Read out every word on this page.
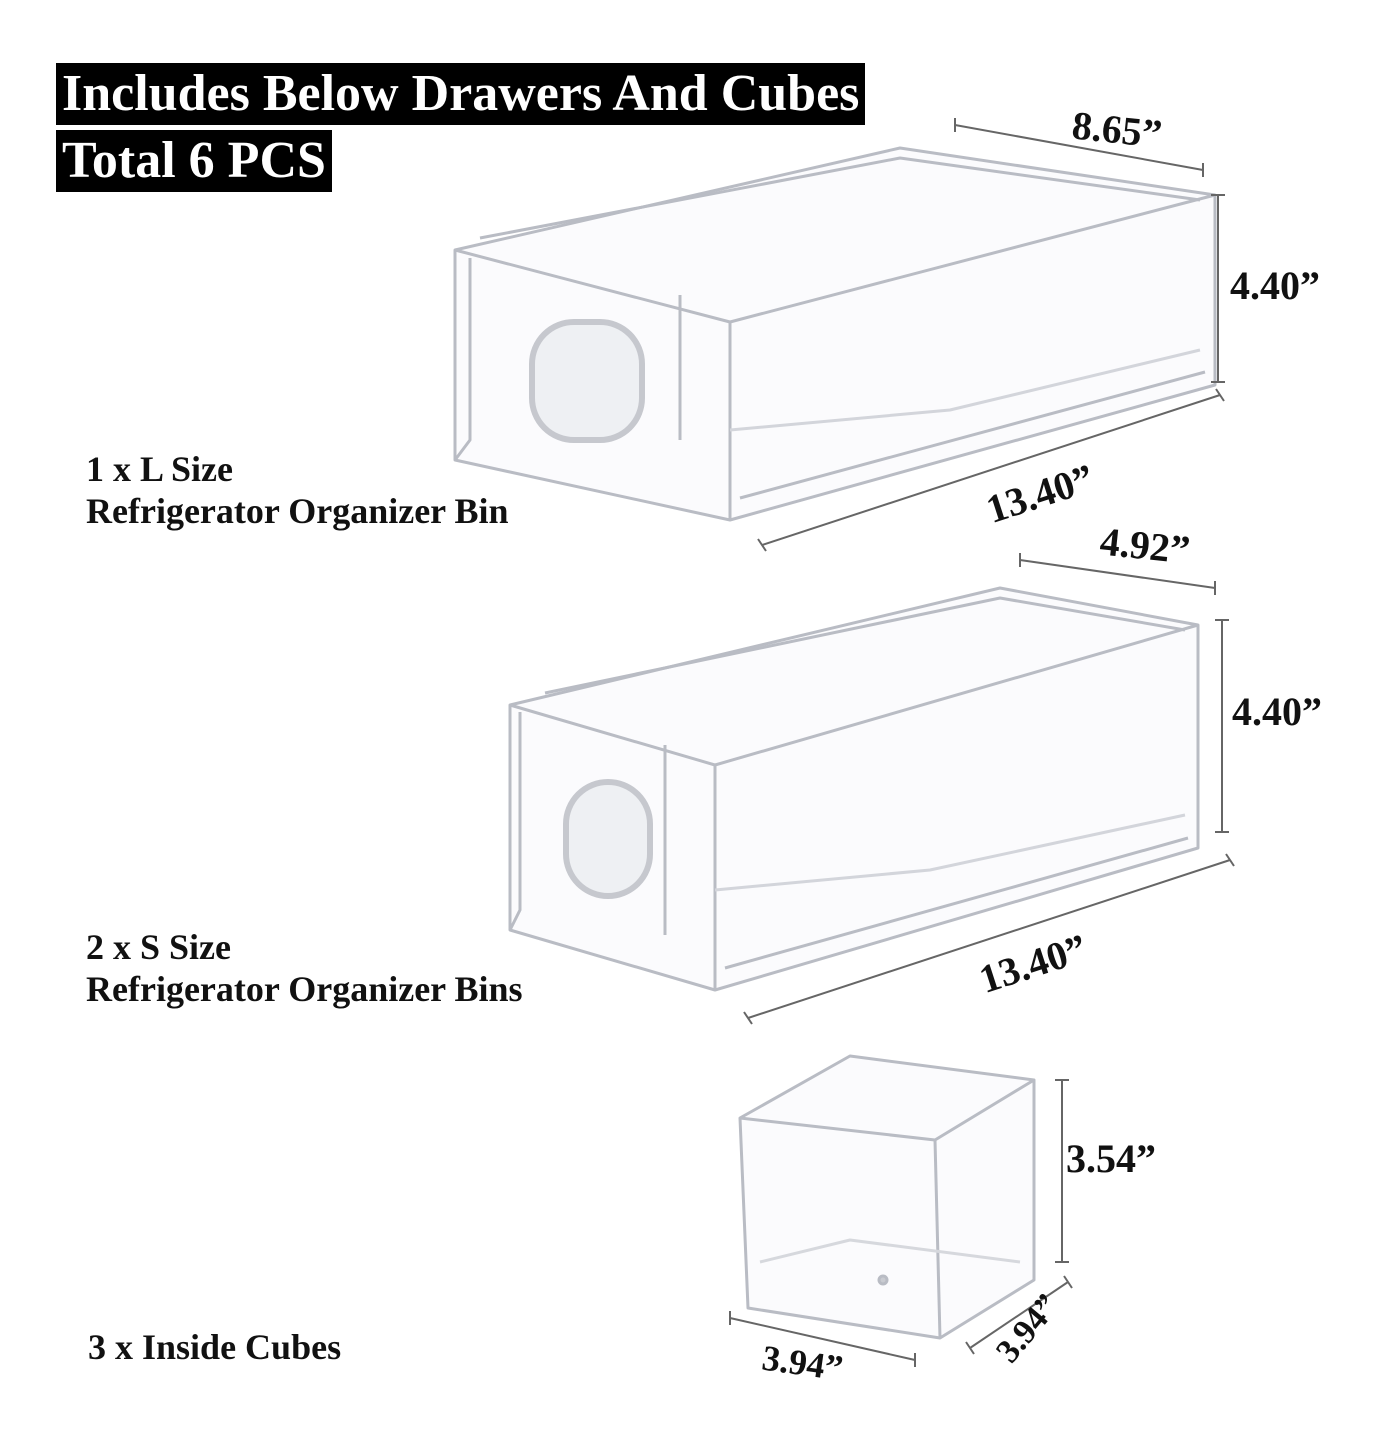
Includes Below Drawers And Cubes
Total 6 PCS
1 x L Size
Refrigerator Organizer Bin
8.65”
4.40”
13.40”
2 x S Size
Refrigerator Organizer Bins
4.92”
4.40”
13.40”
3 x Inside Cubes
3.54”
3.94”	3.94”
